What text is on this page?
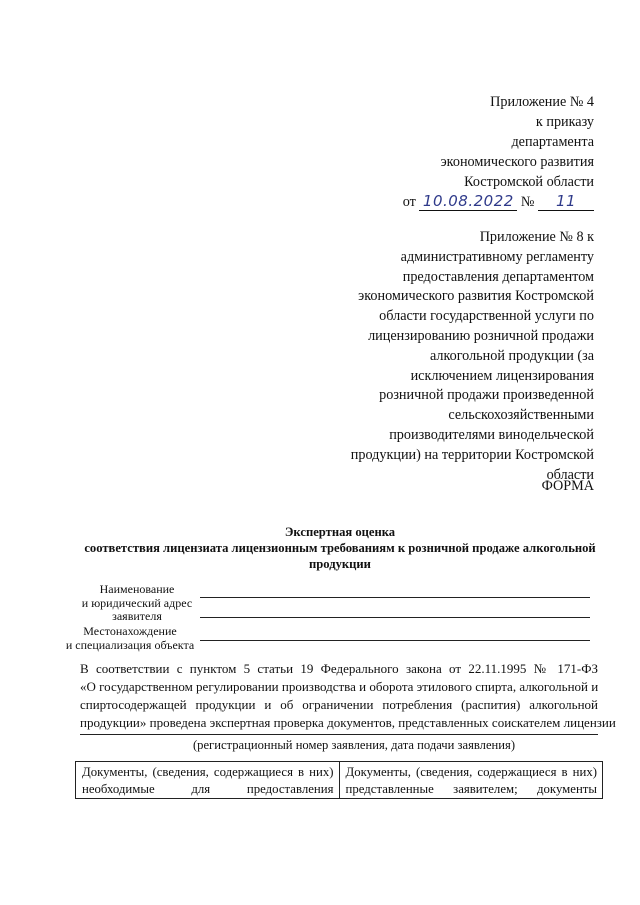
Приложение № 4
к приказу
департамента
экономического развития
Костромской области
от 10.08.2022 № 11
Приложение № 8 к
административному регламенту
предоставления департаментом
экономического развития Костромской
области государственной услуги по
лицензированию розничной продажи
алкогольной продукции (за
исключением лицензирования
розничной продажи произведенной
сельскохозяйственными
производителями винодельческой
продукции) на территории Костромской
области
ФОРМА
Экспертная оценка
соответствия лицензиата лицензионным требованиям к розничной продаже алкогольной
продукции
Наименование
и юридический адрес
заявителя
Местонахождение
и специализация объекта
В соответствии с пунктом 5 статьи 19 Федерального закона от 22.11.1995 № 171-ФЗ
«О государственном регулировании производства и оборота этилового спирта, алкогольной и
спиртосодержащей продукции и об ограничении потребления (распития) алкогольной
продукции» проведена экспертная проверка документов, представленных соискателем лицензии
(регистрационный номер заявления, дата подачи заявления)
Документы, (сведения, содержащиеся в них)
необходимые для предоставления

Документы, (сведения, содержащиеся в них)
представленные заявителем; документы
